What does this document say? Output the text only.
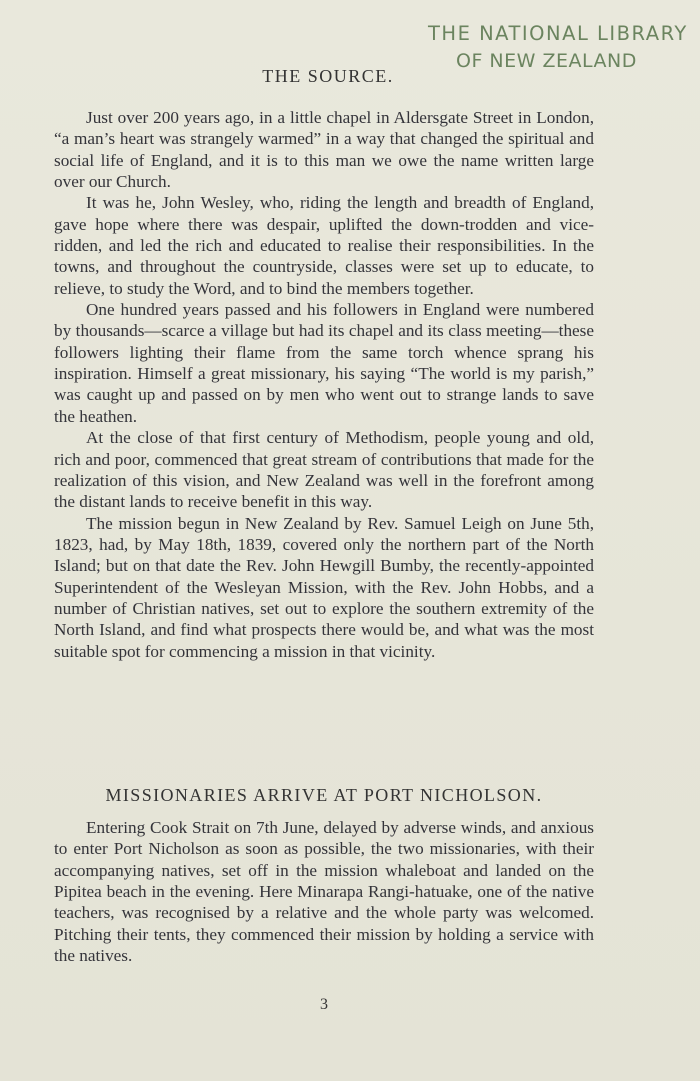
THE NATIONAL LIBRARY
OF NEW ZEALAND
THE SOURCE.

Just over 200 years ago, in a little chapel in Aldersgate Street in London, “a man’s heart was strangely warmed” in a way that changed the spiritual and social life of England, and it is to this man we owe the name written large over our Church.

It was he, John Wesley, who, riding the length and breadth of England, gave hope where there was despair, uplifted the down-trodden and vice-ridden, and led the rich and educated to realise their responsibilities. In the towns, and throughout the countryside, classes were set up to educate, to relieve, to study the Word, and to bind the members together.

One hundred years passed and his followers in England were numbered by thousands—scarce a village but had its chapel and its class meeting—these followers lighting their flame from the same torch whence sprang his inspiration. Himself a great missionary, his saying “The world is my parish,” was caught up and passed on by men who went out to strange lands to save the heathen.

At the close of that first century of Methodism, people young and old, rich and poor, commenced that great stream of contributions that made for the realization of this vision, and New Zealand was well in the forefront among the distant lands to receive benefit in this way.

The mission begun in New Zealand by Rev. Samuel Leigh on June 5th, 1823, had, by May 18th, 1839, covered only the northern part of the North Island; but on that date the Rev. John Hewgill Bumby, the recently-appointed Superintendent of the Wesleyan Mission, with the Rev. John Hobbs, and a number of Christian natives, set out to explore the southern extremity of the North Island, and find what prospects there would be, and what was the most suitable spot for commencing a mission in that vicinity.

MISSIONARIES ARRIVE AT PORT NICHOLSON.

Entering Cook Strait on 7th June, delayed by adverse winds, and anxious to enter Port Nicholson as soon as possible, the two missionaries, with their accompanying natives, set off in the mission whaleboat and landed on the Pipitea beach in the evening. Here Minarapa Rangi-hatuake, one of the native teachers, was recognised by a relative and the whole party was welcomed. Pitching their tents, they commenced their mission by holding a service with the natives.

3
